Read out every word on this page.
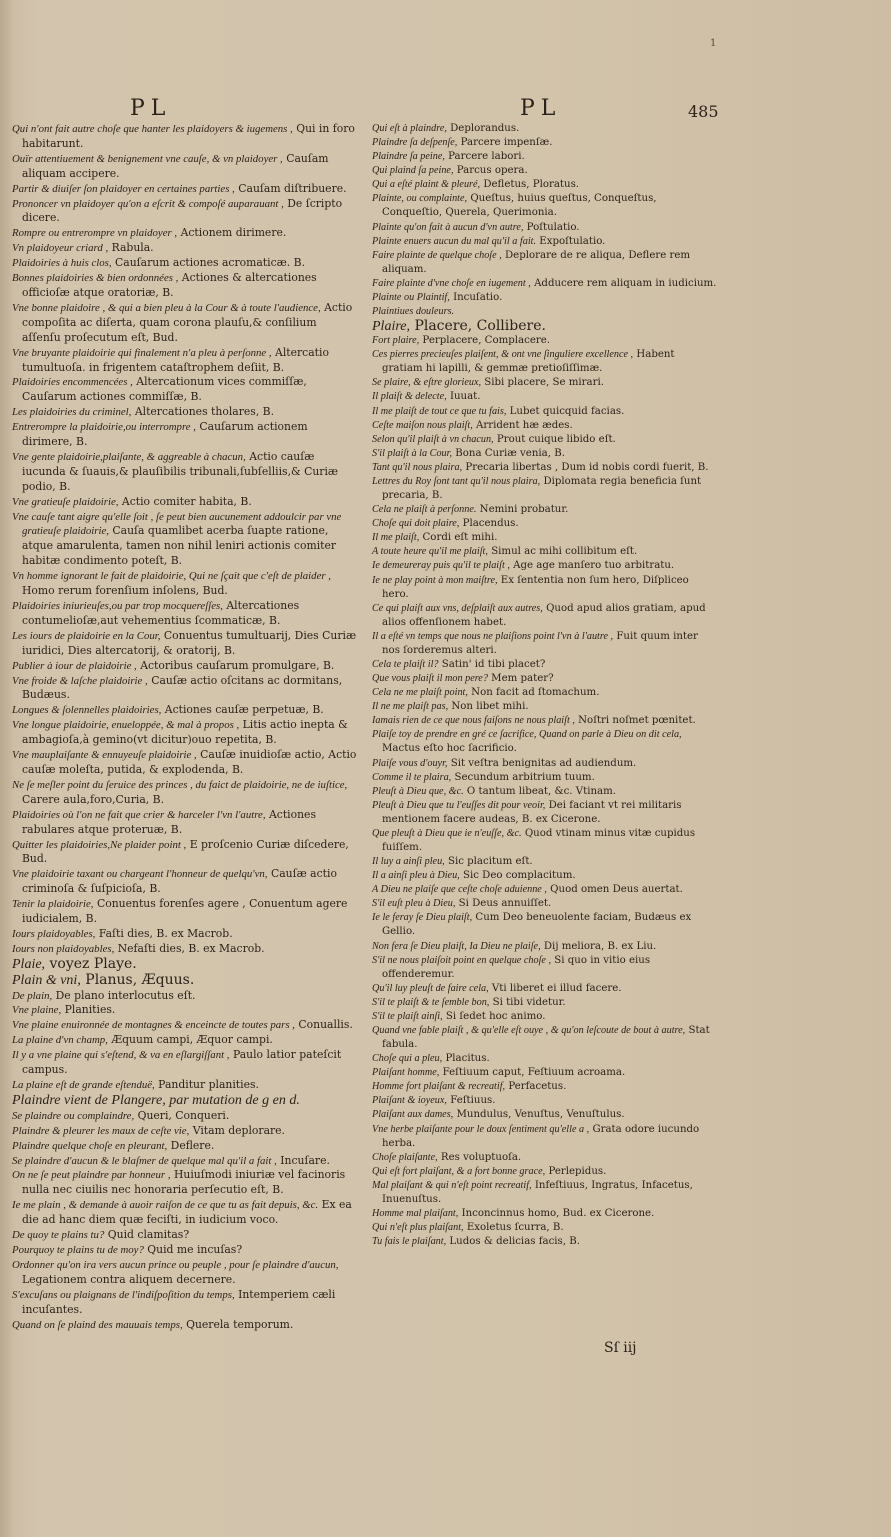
1
PL	PL	485

Qui n'ont fait autre choſe que hanter les plaidoyers & iugemens , Qui in foro habitarunt.

Ouïr attentiuement & benignement vne cauſe, & vn plaidoyer , Cauſam aliquam accipere.

Partir & diuiſer ſon plaidoyer en certaines parties , Cauſam diſtribuere.

Prononcer vn plaidoyer qu'on a eſcrit & compoſé auparauant , De ſcripto dicere.

Rompre ou entrerompre vn plaidoyer , Actionem dirimere.

Vn plaidoyeur criard , Rabula.

Plaidoiries à huis clos, Cauſarum actiones acromaticæ. B.

Bonnes plaidoiries & bien ordonnées , Actiones & altercationes officioſæ atque oratoriæ, B.

Vne bonne plaidoire , & qui a bien pleu à la Cour & à toute l'audience, Actio compoſita ac diſerta, quam corona plauſu,& conſilium aſſenſu proſecutum eſt, Bud.

Vne bruyante plaidoirie qui finalement n'a pleu à perſonne , Altercatio tumultuoſa. in frigentem cataſtrophem deſiit, B.

Plaidoiries encommencées , Altercationum vices commiſſæ, Cauſarum actiones commiſſæ, B.

Les plaidoiries du criminel, Altercationes tholares, B.

Entrerompre la plaidoirie,ou interrompre , Cauſarum actionem dirimere, B.

Vne gente plaidoirie,plaiſante, & aggreable à chacun, Actio cauſæ iucunda & ſuauis,& plauſibilis tribunali,ſubſelliis,& Curiæ podio, B.

Vne gratieuſe plaidoirie, Actio comiter habita, B.

Vne cauſe tant aigre qu'elle ſoit , ſe peut bien aucunement addoulcir par vne gratieuſe plaidoirie, Cauſa quamlibet acerba ſuapte ratione, atque amarulenta, tamen non nihil leniri actionis comiter habitæ condimento poteſt, B.

Vn homme ignorant le fait de plaidoirie, Qui ne ſçait que c'eſt de plaider , Homo rerum forenſium inſolens, Bud.

Plaidoiries iniurieuſes,ou par trop mocquereſſes, Altercationes contumelioſæ,aut vehementius ſcommaticæ, B.

Les iours de plaidoirie en la Cour, Conuentus tumultuarij, Dies Curiæ iuridici, Dies altercatorij, & oratorij, B.

Publier à iour de plaidoirie , Actoribus cauſarum promulgare, B.

Vne froide & laſche plaidoirie , Cauſæ actio oſcitans ac dormitans, Budæus.

Longues & ſolennelles plaidoiries, Actiones cauſæ perpetuæ, B.

Vne longue plaidoirie, enueloppée, & mal à propos , Litis actio inepta & ambagioſa,à gemino(vt dicitur)ouo repetita, B.

Vne mauplaiſante & ennuyeuſe plaidoirie , Cauſæ inuidioſæ actio, Actio cauſæ moleſta, putida, & explodenda, B.

Ne ſe meſler point du ſeruice des princes , du faict de plaidoirie, ne de iuſtice, Carere aula,foro,Curia, B.

Plaidoiries où l'on ne fait que crier & harceler l'vn l'autre, Actiones rabulares atque proteruæ, B.

Quitter les plaidoiries,Ne plaider point , E proſcenio Curiæ diſcedere, Bud.

Vne plaidoirie taxant ou chargeant l'honneur de quelqu'vn, Cauſæ actio criminoſa & ſuſpicioſa, B.

Tenir la plaidoirie, Conuentus forenſes agere , Conuentum agere iudicialem, B.

Iours plaidoyables, Faſti dies, B. ex Macrob.

Iours non plaidoyables, Nefaſti dies, B. ex Macrob.

Plaie, voyez Playe.

Plain & vni, Planus, Æquus.

De plain, De plano interlocutus eſt.

Vne plaine, Planities.

Vne plaine enuironnée de montagnes & enceincte de toutes pars , Conuallis.

La plaine d'vn champ, Æquum campi, Æquor campi.

Il y a vne plaine qui s'eſtend, & va en eſlargiſſant , Paulo latior pateſcit campus.

La plaine eſt de grande eſtenduë, Panditur planities.

Plaindre vient de Plangere, par mutation de g en d.

Se plaindre ou complaindre, Queri, Conqueri.

Plaindre & pleurer les maux de ceſte vie, Vitam deplorare.

Plaindre quelque choſe en pleurant, Deflere.

Se plaindre d'aucun & le blaſmer de quelque mal qu'il a fait , Incuſare.

On ne ſe peut plaindre par honneur , Huiuſmodi iniuriæ vel facinoris nulla nec ciuilis nec honoraria perſecutio eſt, B.

Ie me plain , & demande à auoir raiſon de ce que tu as fait depuis, &c. Ex ea die ad hanc diem quæ feciſti, in iudicium voco.

De quoy te plains tu? Quid clamitas?

Pourquoy te plains tu de moy? Quid me incuſas?

Ordonner qu'on ira vers aucun prince ou peuple , pour ſe plaindre d'aucun, Legationem contra aliquem decernere.

S'excuſans ou plaignans de l'indiſpoſition du temps, Intemperiem cæli incuſantes.

Quand on ſe plaind des mauuais temps, Querela temporum.

Qui eſt à plaindre, Deplorandus.

Plaindre ſa deſpenſe, Parcere impenſæ.

Plaindre ſa peine, Parcere labori.

Qui plaind ſa peine, Parcus opera.

Qui a eſté plaint & pleuré, Defletus, Ploratus.

Plainte, ou complainte, Queſtus, huius queſtus, Conqueſtus, Conqueſtio, Querela, Querimonia.

Plainte qu'on fait à aucun d'vn autre, Poſtulatio.

Plainte enuers aucun du mal qu'il a fait. Expoſtulatio.

Faire plainte de quelque choſe , Deplorare de re aliqua, Deflere rem aliquam.

Faire plainte d'vne choſe en iugement , Adducere rem aliquam in iudicium.

Plainte ou Plaintif, Incuſatio.

Plaintiues douleurs.

Plaire, Placere, Collibere.

Fort plaire, Perplacere, Complacere.

Ces pierres precieuſes plaiſent, & ont vne ſinguliere excellence , Habent gratiam hi lapilli, & gemmæ pretioſiſſimæ.

Se plaire, & eſtre glorieux, Sibi placere, Se mirari.

Il plaiſt & delecte, Iuuat.

Il me plaiſt de tout ce que tu fais, Lubet quicquid facias.

Ceſte maiſon nous plaiſt, Arrident hæ ædes.

Selon qu'il plaiſt à vn chacun, Prout cuique libido eſt.

S'il plaiſt à la Cour, Bona Curiæ venia, B.

Tant qu'il nous plaira, Precaria libertas , Dum id nobis cordi fuerit, B.

Lettres du Roy ſont tant qu'il nous plaira, Diplomata regia beneficia ſunt precaria, B.

Cela ne plaiſt à perſonne. Nemini probatur.

Choſe qui doit plaire, Placendus.

Il me plaiſt, Cordi eſt mihi.

A toute heure qu'il me plaiſt, Simul ac mihi collibitum eſt.

Ie demeureray puis qu'il te plaiſt , Age age manſero tuo arbitratu.

Ie ne play point à mon maiſtre, Ex ſententia non ſum hero, Diſpliceo hero.

Ce qui plaiſt aux vns, deſplaiſt aux autres, Quod apud alios gratiam, apud alios offenſionem habet.

Il a eſté vn temps que nous ne plaiſions point l'vn à l'autre , Fuit quum inter nos ſorderemus alteri.

Cela te plaiſt il? Satin' id tibi placet?

Que vous plaiſt il mon pere? Mem pater?

Cela ne me plaiſt point, Non facit ad ſtomachum.

Il ne me plaiſt pas, Non libet mihi.

Iamais rien de ce que nous faiſons ne nous plaiſt , Noſtri noſmet pœnitet.

Plaiſe toy de prendre en gré ce ſacrifice, Quand on parle à Dieu on dit cela, Mactus eſto hoc ſacrificio.

Plaiſe vous d'ouyr, Sit veſtra benignitas ad audiendum.

Comme il te plaira, Secundum arbitrium tuum.

Pleuſt à Dieu que, &c. O tantum libeat, &c. Vtinam.

Pleuſt à Dieu que tu l'euſſes dit pour veoir, Dei faciant vt rei militaris mentionem facere audeas, B. ex Cicerone.

Que pleuſt à Dieu que ie n'euſſe, &c. Quod vtinam minus vitæ cupidus fuiſſem.

Il luy a ainſi pleu, Sic placitum eſt.

Il a ainſi pleu à Dieu, Sic Deo complacitum.

A Dieu ne plaiſe que ceſte choſe aduienne , Quod omen Deus auertat.

S'il euſt pleu à Dieu, Si Deus annuiſſet.

Ie le feray ſe Dieu plaiſt, Cum Deo beneuolente faciam, Budæus ex Gellio.

Non fera ſe Dieu plaiſt, Ia Dieu ne plaiſe, Dij meliora, B. ex Liu.

S'il ne nous plaiſoit point en quelque choſe , Si quo in vitio eius offenderemur.

Qu'il luy pleuſt de faire cela, Vti liberet ei illud facere.

S'il te plaiſt & te ſemble bon, Si tibi videtur.

S'il te plaiſt ainſi, Si ſedet hoc animo.

Quand vne fable plaiſt , & qu'elle eſt ouye , & qu'on leſcoute de bout à autre, Stat fabula.

Choſe qui a pleu, Placitus.

Plaiſant homme, Feſtiuum caput, Feſtiuum acroama.

Homme fort plaiſant & recreatif, Perfacetus.

Plaiſant & ioyeux, Feſtiuus.

Plaiſant aux dames, Mundulus, Venuſtus, Venuſtulus.

Vne herbe plaiſante pour le doux ſentiment qu'elle a , Grata odore iucundo herba.

Choſe plaiſante, Res voluptuoſa.

Qui eſt fort plaiſant, & a fort bonne grace, Perlepidus.

Mal plaiſant & qui n'eſt point recreatif, Infeſtiuus, Ingratus, Infacetus, Inuenuſtus.

Homme mal plaiſant, Inconcinnus homo, Bud. ex Cicerone.

Qui n'eſt plus plaiſant, Exoletus ſcurra, B.

Tu fais le plaiſant, Ludos & delicias facis, B.

Sſ iij
